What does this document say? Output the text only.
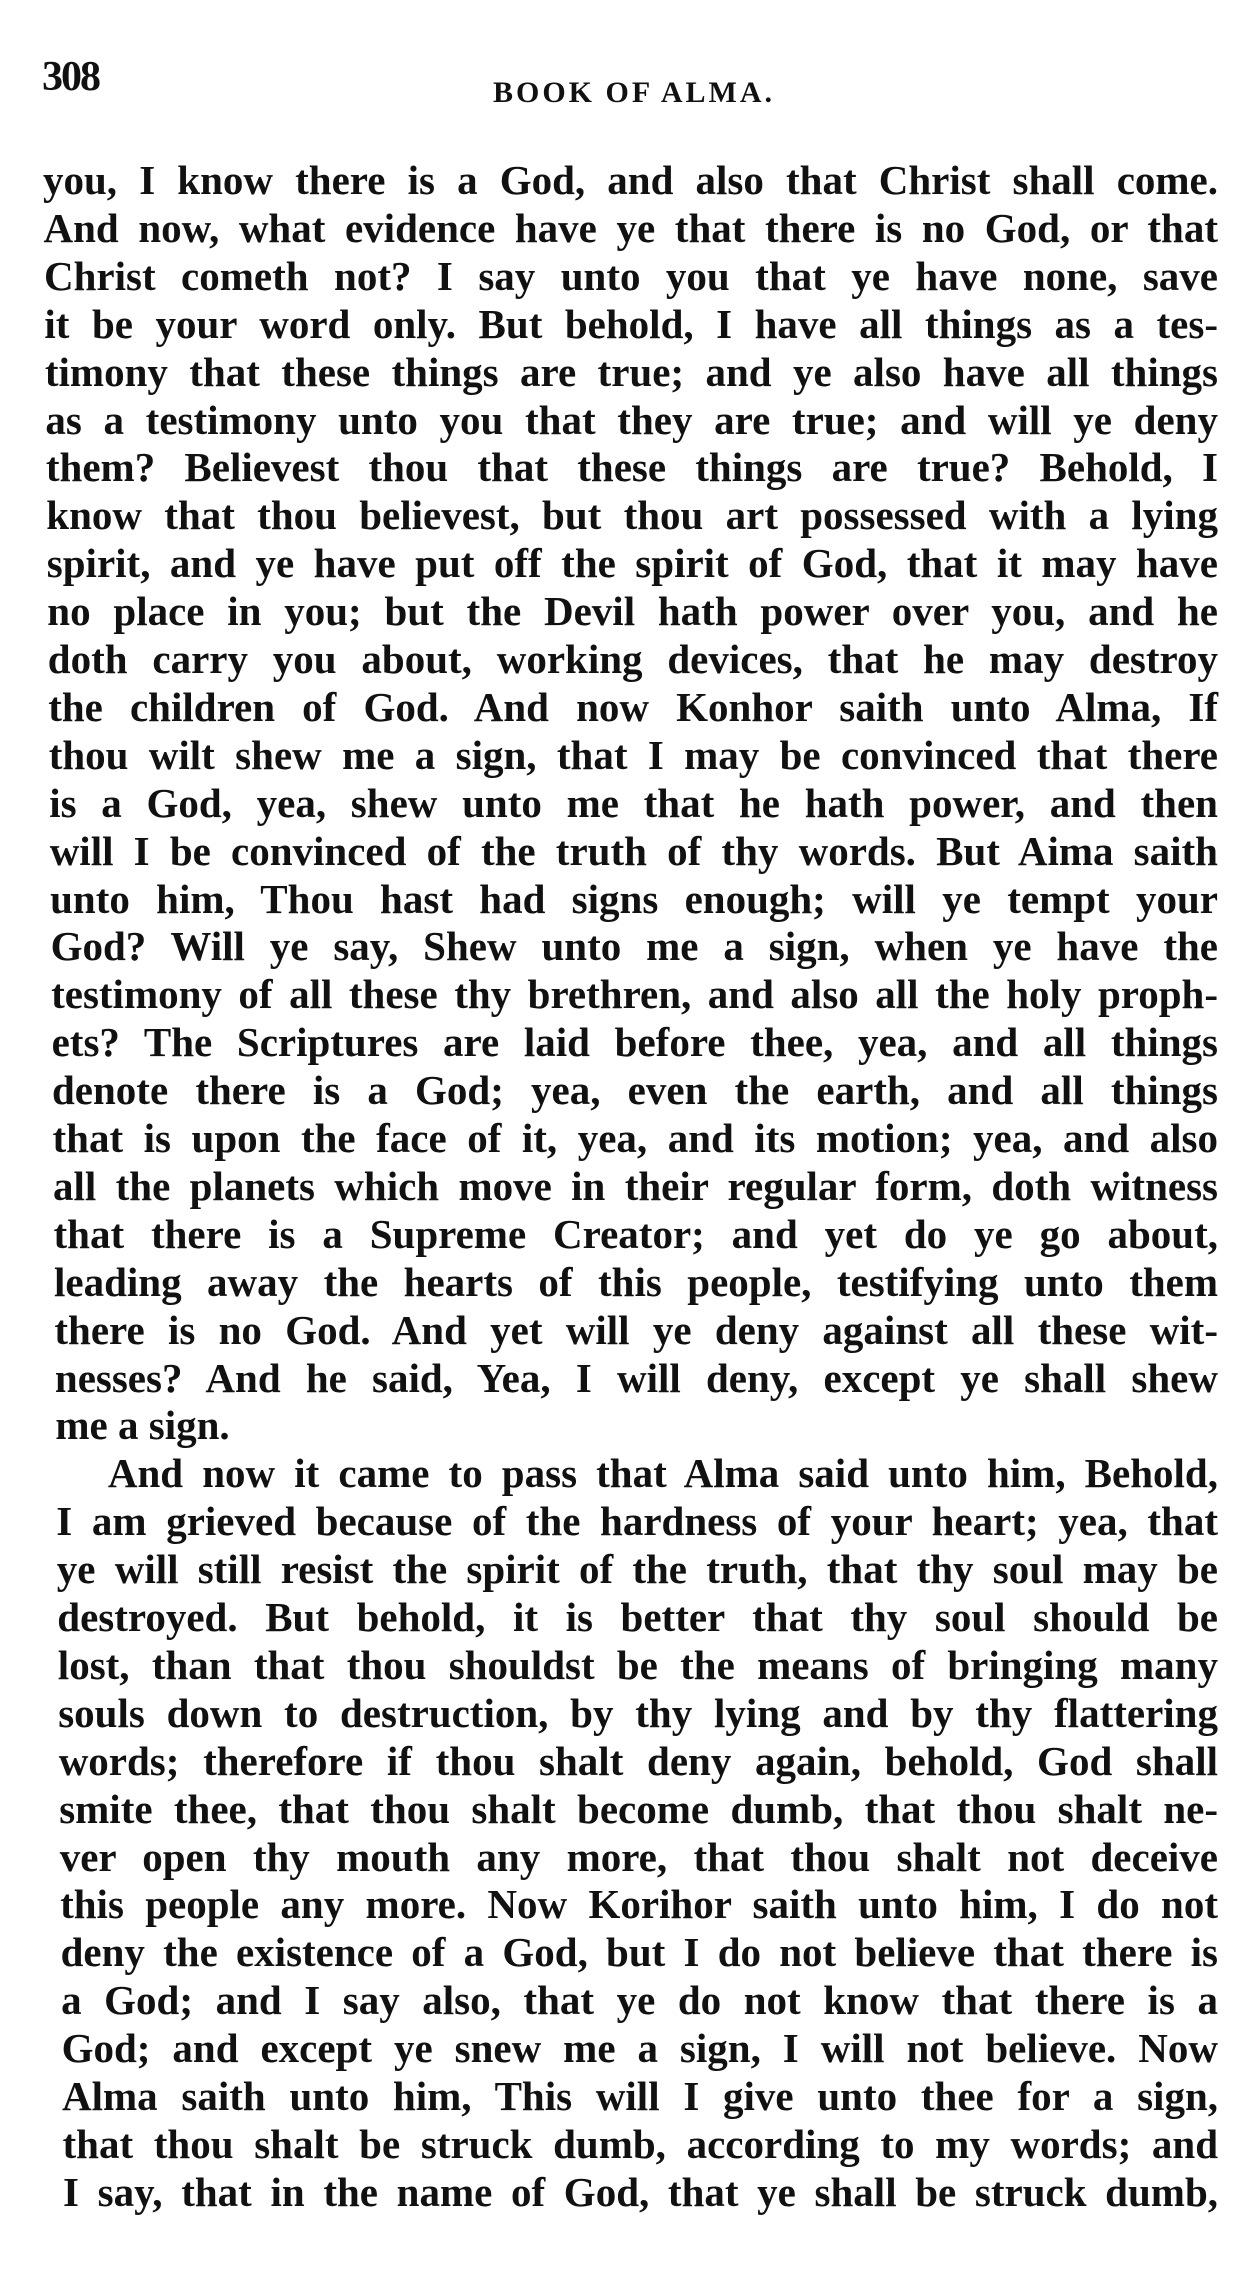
308	BOOK OF ALMA.
you, I know there is a God, and also that Christ shall come.
And now, what evidence have ye that there is no God, or that
Christ cometh not? I say unto you that ye have none, save
it be your word only. But behold, I have all things as a tes-
timony that these things are true; and ye also have all things
as a testimony unto you that they are true; and will ye deny
them? Believest thou that these things are true? Behold, I
know that thou believest, but thou art possessed with a lying
spirit, and ye have put off the spirit of God, that it may have
no place in you; but the Devil hath power over you, and he
doth carry you about, working devices, that he may destroy
the children of God. And now Konhor saith unto Alma, If
thou wilt shew me a sign, that I may be convinced that there
is a God, yea, shew unto me that he hath power, and then
will I be convinced of the truth of thy words. But Aima saith
unto him, Thou hast had signs enough; will ye tempt your
God? Will ye say, Shew unto me a sign, when ye have the
testimony of all these thy brethren, and also all the holy proph-
ets? The Scriptures are laid before thee, yea, and all things
denote there is a God; yea, even the earth, and all things
that is upon the face of it, yea, and its motion; yea, and also
all the planets which move in their regular form, doth witness
that there is a Supreme Creator; and yet do ye go about,
leading away the hearts of this people, testifying unto them
there is no God. And yet will ye deny against all these wit-
nesses? And he said, Yea, I will deny, except ye shall shew
me a sign.
And now it came to pass that Alma said unto him, Behold,
I am grieved because of the hardness of your heart; yea, that
ye will still resist the spirit of the truth, that thy soul may be
destroyed. But behold, it is better that thy soul should be
lost, than that thou shouldst be the means of bringing many
souls down to destruction, by thy lying and by thy flattering
words; therefore if thou shalt deny again, behold, God shall
smite thee, that thou shalt become dumb, that thou shalt ne-
ver open thy mouth any more, that thou shalt not deceive
this people any more. Now Korihor saith unto him, I do not
deny the existence of a God, but I do not believe that there is
a God; and I say also, that ye do not know that there is a
God; and except ye snew me a sign, I will not believe. Now
Alma saith unto him, This will I give unto thee for a sign,
that thou shalt be struck dumb, according to my words; and
I say, that in the name of God, that ye shall be struck dumb,
